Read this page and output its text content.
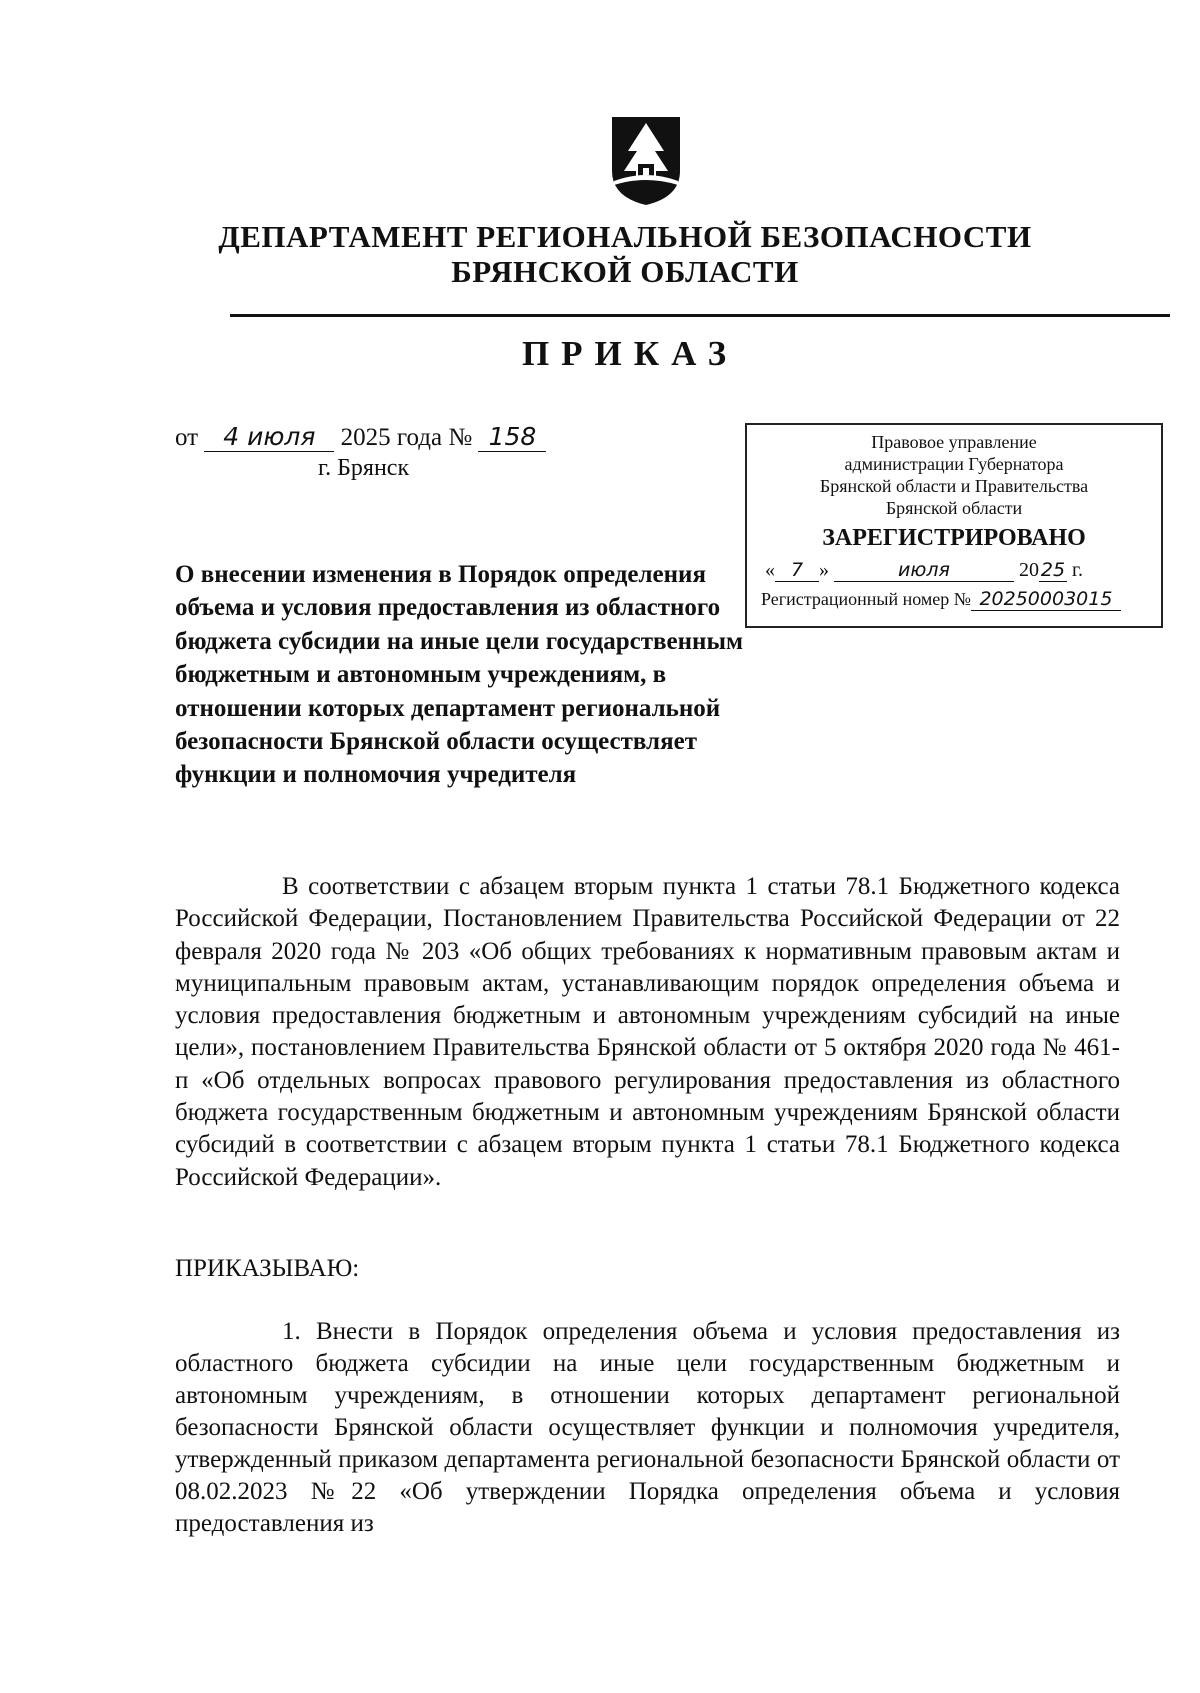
ДЕПАРТАМЕНТ РЕГИОНАЛЬНОЙ БЕЗОПАСНОСТИ
БРЯНСКОЙ ОБЛАСТИ
ПРИКАЗ
от 4 июля 2025 года № 158
г. Брянск
Правовое управление
администрации Губернатора
Брянской области и Правительства
Брянской области
ЗАРЕГИСТРИРОВАНО
« 7 »	июля	20 25 г.
Регистрационный номер № 20250003015
О внесении изменения в Порядок определения объема и условия предоставления из областного бюджета субсидии на иные цели государственным бюджетным и автономным учреждениям, в отношении которых департамент региональной безопасности Брянской области осуществляет функции и полномочия учредителя
В соответствии с абзацем вторым пункта 1 статьи 78.1 Бюджетного кодекса Российской Федерации, Постановлением Правительства Российской Федерации от 22 февраля 2020 года № 203 «Об общих требованиях к нормативным правовым актам и муниципальным правовым актам, устанавливающим порядок определения объема и условия предоставления бюджетным и автономным учреждениям субсидий на иные цели», постановлением Правительства Брянской области от 5 октября 2020 года № 461-п «Об отдельных вопросах правового регулирования предоставления из областного бюджета государственным бюджетным и автономным учреждениям Брянской области субсидий в соответствии с абзацем вторым пункта 1 статьи 78.1 Бюджетного кодекса Российской Федерации».
ПРИКАЗЫВАЮ:
1. Внести в Порядок определения объема и условия предоставления из областного бюджета субсидии на иные цели государственным бюджетным и автономным учреждениям, в отношении которых департамент региональной безопасности Брянской области осуществляет функции и полномочия учредителя, утвержденный приказом департамента региональной безопасности Брянской области от 08.02.2023 №22 «Об утверждении Порядка определения объема и условия предоставления из
